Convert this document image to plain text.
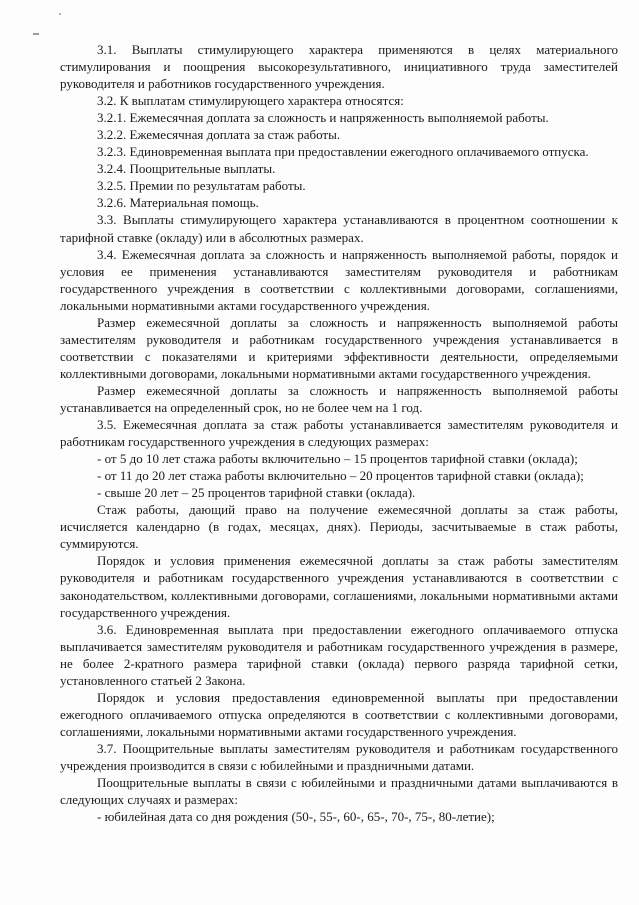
3.1. Выплаты стимулирующего характера применяются в целях материального стимулирования и поощрения высокорезультативного, инициативного труда заместителей руководителя и работников государственного учреждения.

3.2. К выплатам стимулирующего характера относятся:

3.2.1. Ежемесячная доплата за сложность и напряженность выполняемой работы.

3.2.2. Ежемесячная доплата за стаж работы.

3.2.3. Единовременная выплата при предоставлении ежегодного оплачиваемого отпуска.

3.2.4. Поощрительные выплаты.

3.2.5. Премии по результатам работы.

3.2.6. Материальная помощь.

3.3. Выплаты стимулирующего характера устанавливаются в процентном соотношении к тарифной ставке (окладу) или в абсолютных размерах.

3.4. Ежемесячная доплата за сложность и напряженность выполняемой работы, порядок и условия ее применения устанавливаются заместителям руководителя и работникам государственного учреждения в соответствии с коллективными договорами, соглашениями, локальными нормативными актами государственного учреждения.

Размер ежемесячной доплаты за сложность и напряженность выполняемой работы заместителям руководителя и работникам государственного учреждения устанавливается в соответствии с показателями и критериями эффективности деятельности, определяемыми коллективными договорами, локальными нормативными актами государственного учреждения.

Размер ежемесячной доплаты за сложность и напряженность выполняемой работы устанавливается на определенный срок, но не более чем на 1 год.

3.5. Ежемесячная доплата за стаж работы устанавливается заместителям руководителя и работникам государственного учреждения в следующих размерах:

- от 5 до 10 лет стажа работы включительно – 15 процентов тарифной ставки (оклада);

- от 11 до 20 лет стажа работы включительно – 20 процентов тарифной ставки (оклада);

- свыше 20 лет – 25 процентов тарифной ставки (оклада).

Стаж работы, дающий право на получение ежемесячной доплаты за стаж работы, исчисляется календарно (в годах, месяцах, днях). Периоды, засчитываемые в стаж работы, суммируются.

Порядок и условия применения ежемесячной доплаты за стаж работы заместителям руководителя и работникам государственного учреждения устанавливаются в соответствии с законодательством, коллективными договорами, соглашениями, локальными нормативными актами государственного учреждения.

3.6. Единовременная выплата при предоставлении ежегодного оплачиваемого отпуска выплачивается заместителям руководителя и работникам государственного учреждения в размере, не более 2-кратного размера тарифной ставки (оклада) первого разряда тарифной сетки, установленного статьей 2 Закона.

Порядок и условия предоставления единовременной выплаты при предоставлении ежегодного оплачиваемого отпуска определяются в соответствии с коллективными договорами, соглашениями, локальными нормативными актами государственного учреждения.

3.7. Поощрительные выплаты заместителям руководителя и работникам государственного учреждения производится в связи с юбилейными и праздничными датами.

Поощрительные выплаты в связи с юбилейными и праздничными датами выплачиваются в следующих случаях и размерах:

- юбилейная дата со дня рождения (50-, 55-, 60-, 65-, 70-, 75-, 80-летие);
